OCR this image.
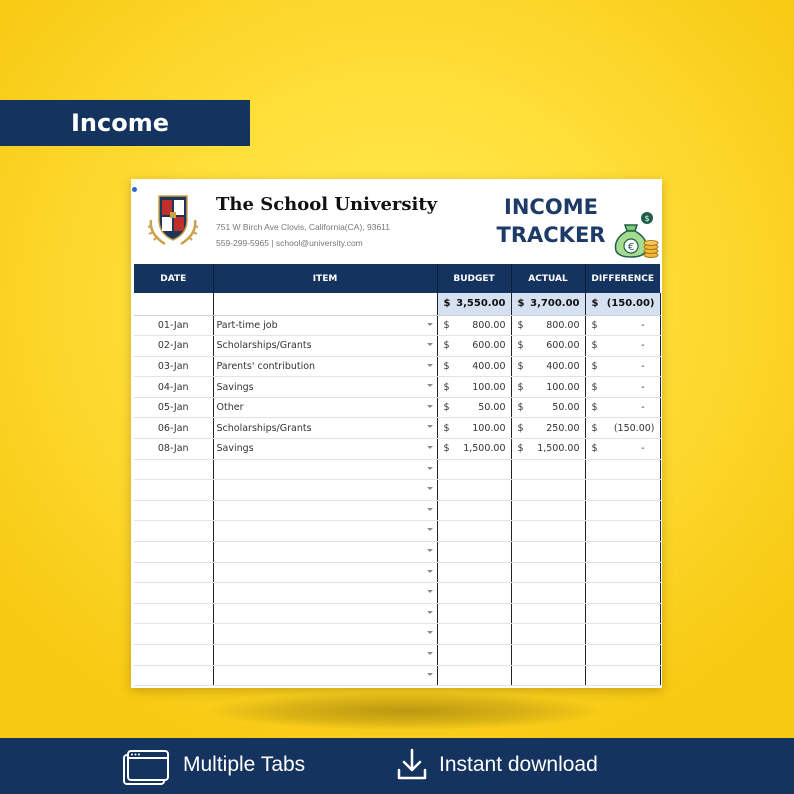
Income
The School University
751 W Birch Ave Clovis, California(CA), 93611
559-299-5965 | school@university.com
INCOME
TRACKER
$
€
DATE	ITEM	BUDGET	ACTUAL	DIFFERENCE

		$ 3,550.00	$ 3,700.00	$ (150.00)

01-Jan	Part-time job	$ 800.00	$ 800.00	$ -

02-Jan	Scholarships/Grants	$ 600.00	$ 600.00	$ -

03-Jan	Parents' contribution	$ 400.00	$ 400.00	$ -

04-Jan	Savings	$ 100.00	$ 100.00	$ -

05-Jan	Other	$ 50.00	$ 50.00	$ -

06-Jan	Scholarships/Grants	$ 100.00	$ 250.00	$ (150.00)

08-Jan	Savings	$ 1,500.00	$ 1,500.00	$ -

Multiple Tabs	Instant download
